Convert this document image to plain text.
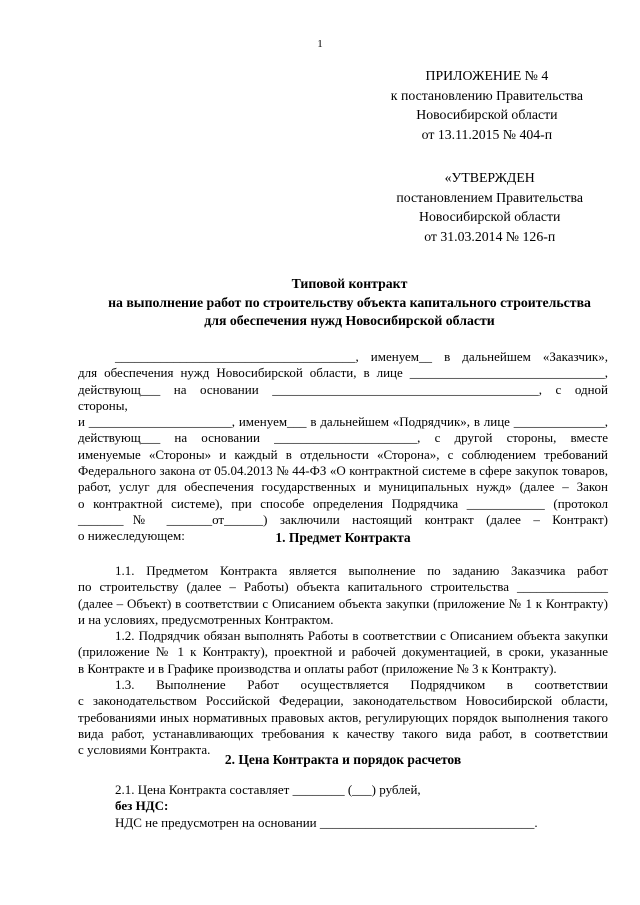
1
ПРИЛОЖЕНИЕ № 4
к постановлению Правительства
Новосибирской области
от 13.11.2015 № 404-п
«УТВЕРЖДЕН
постановлением Правительства
Новосибирской области
от 31.03.2014 № 126-п
Типовой контракт
на выполнение работ по строительству объекта капитального строительства
для обеспечения нужд Новосибирской области

_____________________________________, именуем__ в дальнейшем «Заказчик»,

для обеспечения нужд Новосибирской области, в лице ______________________________,

действующ___ на основании _________________________________________, с одной стороны,

и ______________________, именуем___ в дальнейшем «Подрядчик», в лице ______________,

действующ___ на основании ______________________, с другой стороны, вместе

именуемые «Стороны» и каждый в отдельности «Сторона», с соблюдением требований

Федерального закона от 05.04.2013 № 44-ФЗ «О контрактной системе в сфере закупок товаров,

работ, услуг для обеспечения государственных и муниципальных нужд» (далее – Закон

о контрактной системе), при способе определения Подрядчика ____________ (протокол

_______№ _______от______) заключили настоящий контракт (далее – Контракт)

о нижеследующем:	1. Предмет Контракта

1.1. Предметом Контракта является выполнение по заданию Заказчика работ

по строительству (далее – Работы) объекта капитального строительства ______________

(далее – Объект) в соответствии с Описанием объекта закупки (приложение № 1 к Контракту)

и на условиях, предусмотренных Контрактом.

1.2. Подрядчик обязан выполнять Работы в соответствии с Описанием объекта закупки

(приложение № 1 к Контракту), проектной и рабочей документацией, в сроки, указанные

в Контракте и в Графике производства и оплаты работ (приложение № 3 к Контракту).

1.3. Выполнение Работ осуществляется Подрядчиком в соответствии

с законодательством Российской Федерации, законодательством Новосибирской области,

требованиями иных нормативных правовых актов, регулирующих порядок выполнения такого

вида работ, устанавливающих требования к качеству такого вида работ, в соответствии

с условиями Контракта.

2. Цена Контракта и порядок расчетов

2.1. Цена Контракта составляет ________ (___) рублей,

без НДС:

НДС не предусмотрен на основании _________________________________.
